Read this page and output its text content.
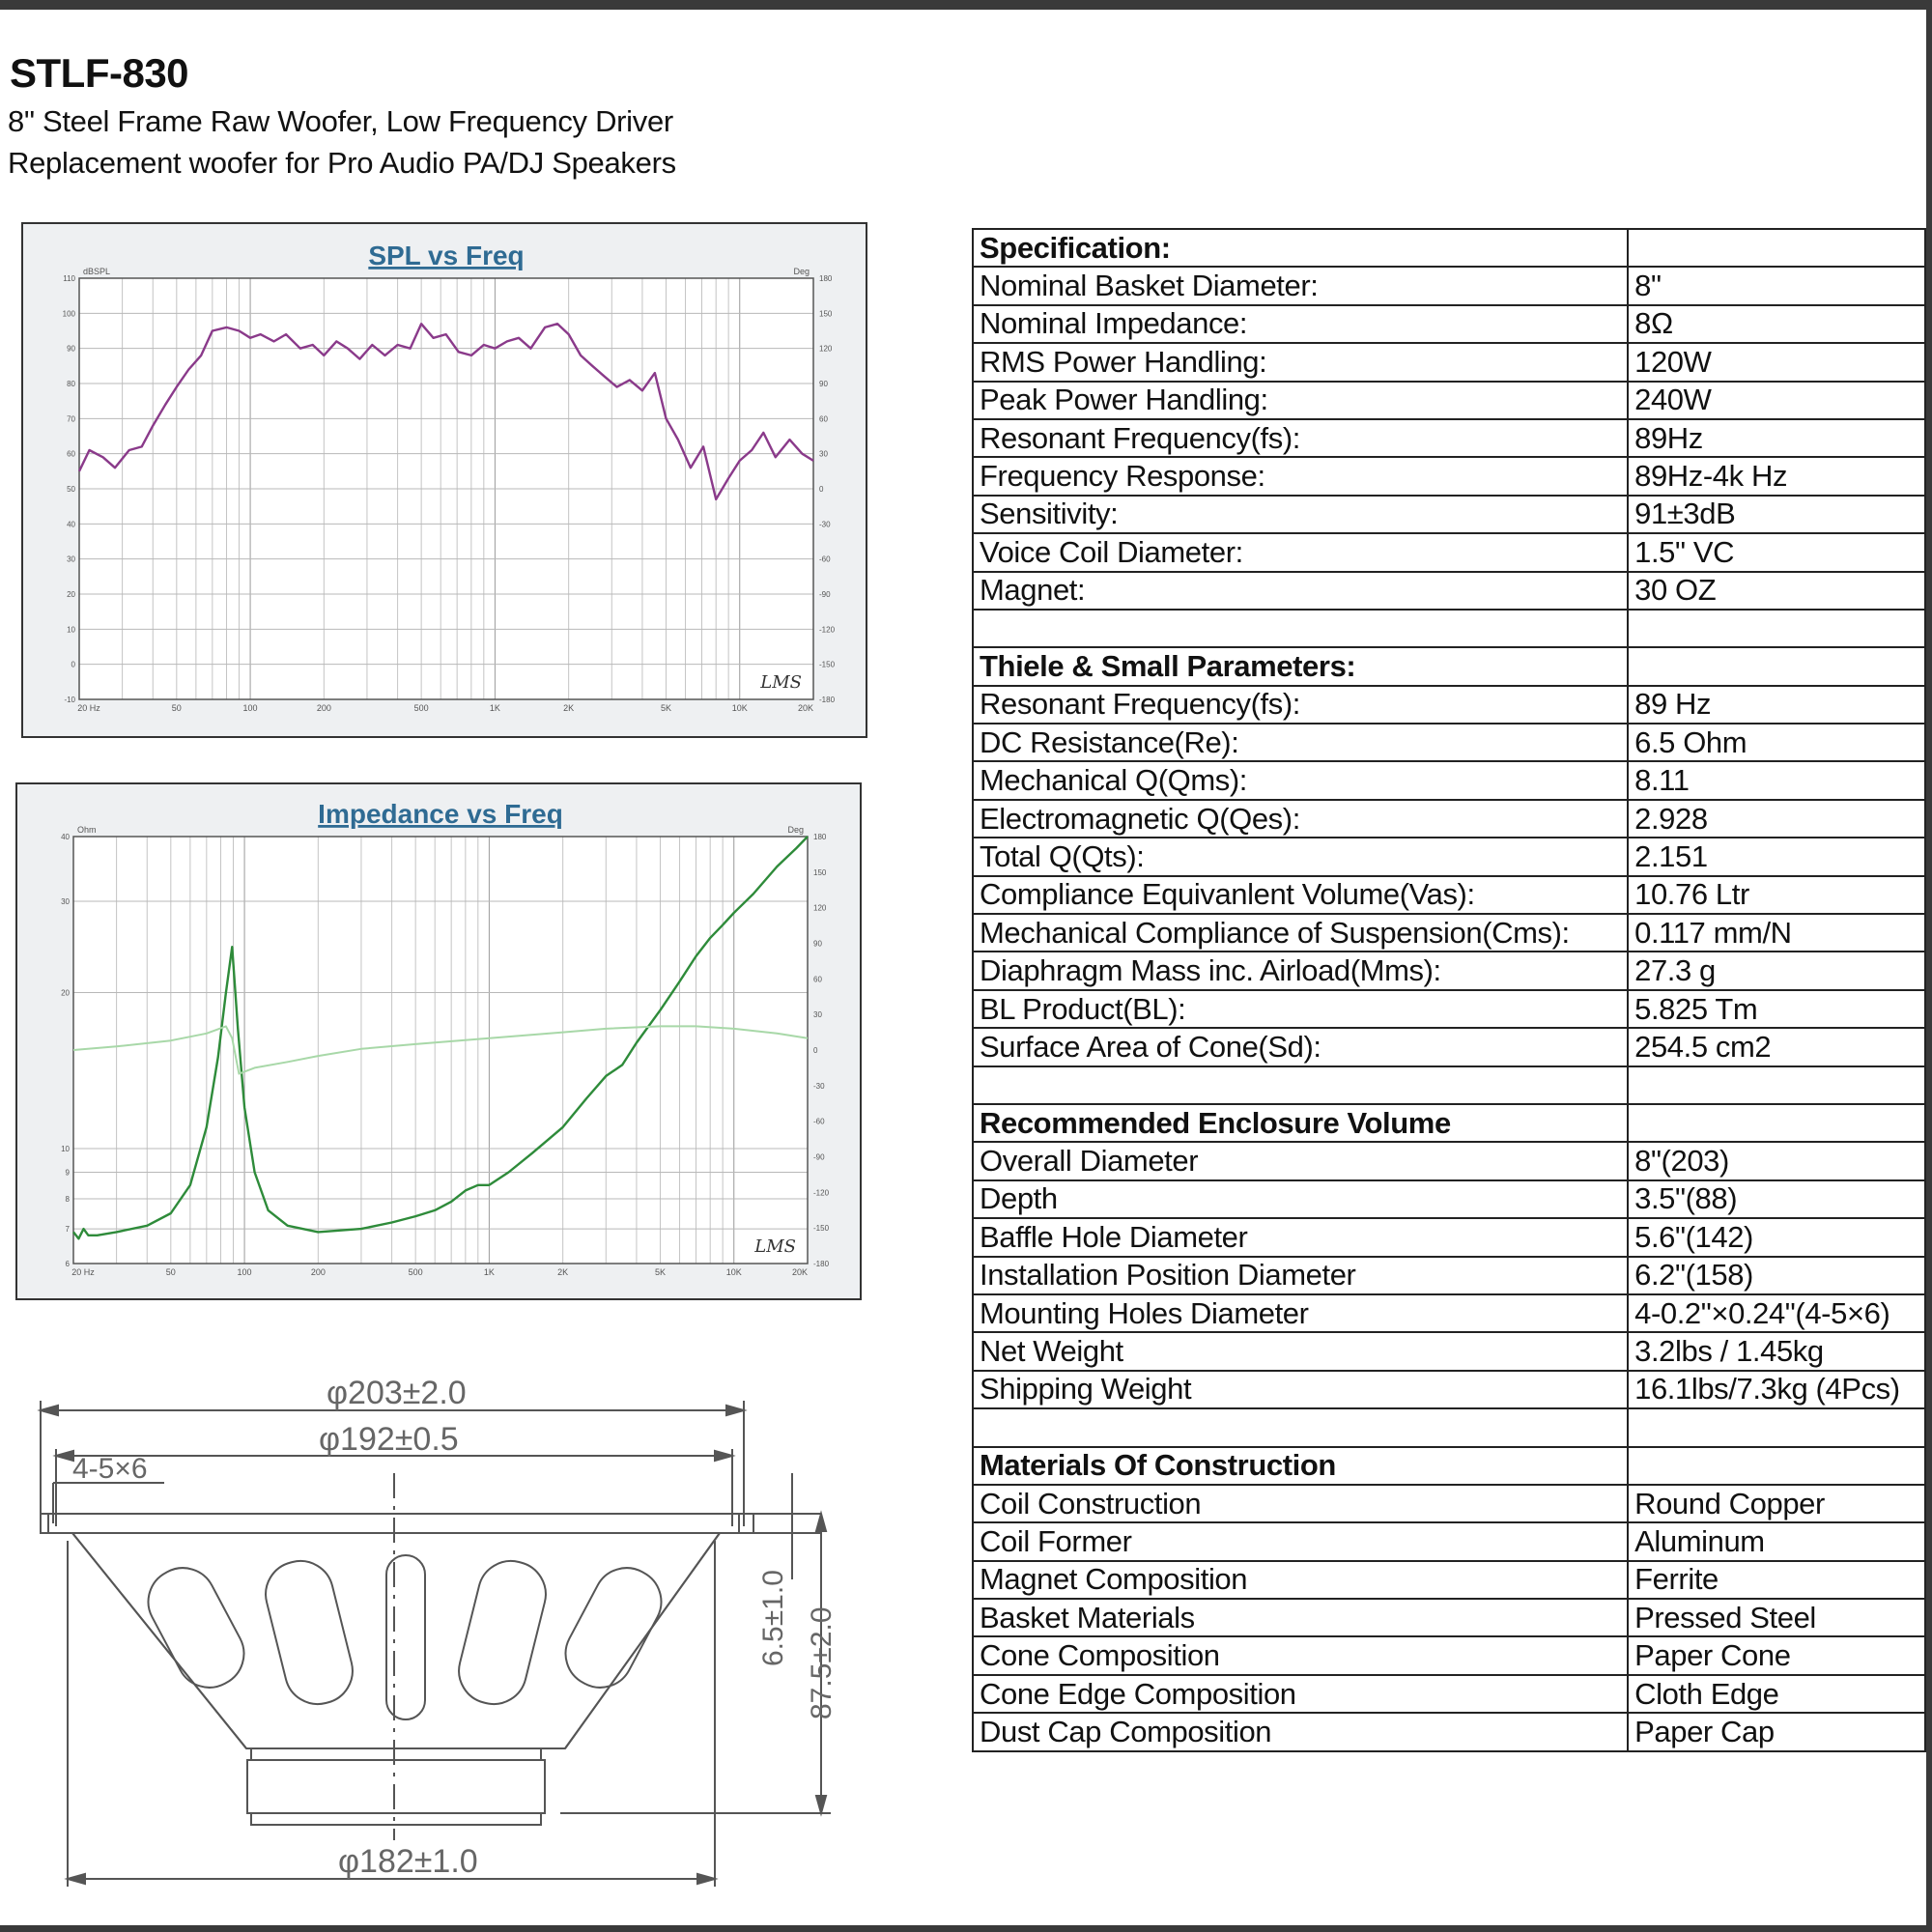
STLF-830
8" Steel Frame Raw Woofer, Low Frequency Driver
Replacement woofer for Pro Audio PA/DJ Speakers
SPL vs Freq
dBSPL	Deg
20 Hz	50	100	200	500	1K	2K	5K	10K	20K
-10
0
10
20
30
40
50
60
70
80
90
100
110
-180
-150
-120
-90
-60
-30
0
30
60
90
120
150
180
LMS
Impedance vs Freq
Ohm	Deg
20 Hz	50	100	200	500	1K	2K	5K	10K	20K
40
30
20
10
9
8
7
6	-180
-150
-120
-90
-60
-30
0
30
60
90
120
150
180
LMS
φ203±2.0
φ192±0.5
4-5×6
φ182±1.0
6.5±1.0 87.5±2.0
Specification:	
Nominal Basket Diameter:	8"
Nominal Impedance:	8Ω
RMS Power Handling:	120W
Peak Power Handling:	240W
Resonant Frequency(fs):	89Hz
Frequency Response:	89Hz-4k Hz
Sensitivity:	91±3dB
Voice Coil Diameter:	1.5" VC
Magnet:	30 OZ

Thiele & Small Parameters:	
Resonant Frequency(fs):	89 Hz
DC Resistance(Re):	6.5 Ohm
Mechanical Q(Qms):	8.11
Electromagnetic Q(Qes):	2.928
Total Q(Qts):	2.151
Compliance Equivanlent Volume(Vas):	10.76 Ltr
Mechanical Compliance of Suspension(Cms):	0.117 mm/N
Diaphragm Mass inc. Airload(Mms):	27.3 g
BL Product(BL):	5.825 Tm
Surface Area of Cone(Sd):	254.5 cm2

Recommended Enclosure Volume	
Overall Diameter	8"(203)
Depth	3.5"(88)
Baffle Hole Diameter	5.6"(142)
Installation Position Diameter	6.2"(158)
Mounting Holes Diameter	4-0.2"×0.24"(4-5×6)
Net Weight	3.2lbs / 1.45kg
Shipping Weight	16.1lbs/7.3kg (4Pcs)

Materials Of Construction	
Coil Construction	Round Copper
Coil Former	Aluminum
Magnet Composition	Ferrite
Basket Materials	Pressed Steel
Cone Composition	Paper Cone
Cone Edge Composition	Cloth Edge
Dust Cap Composition	Paper Cap
